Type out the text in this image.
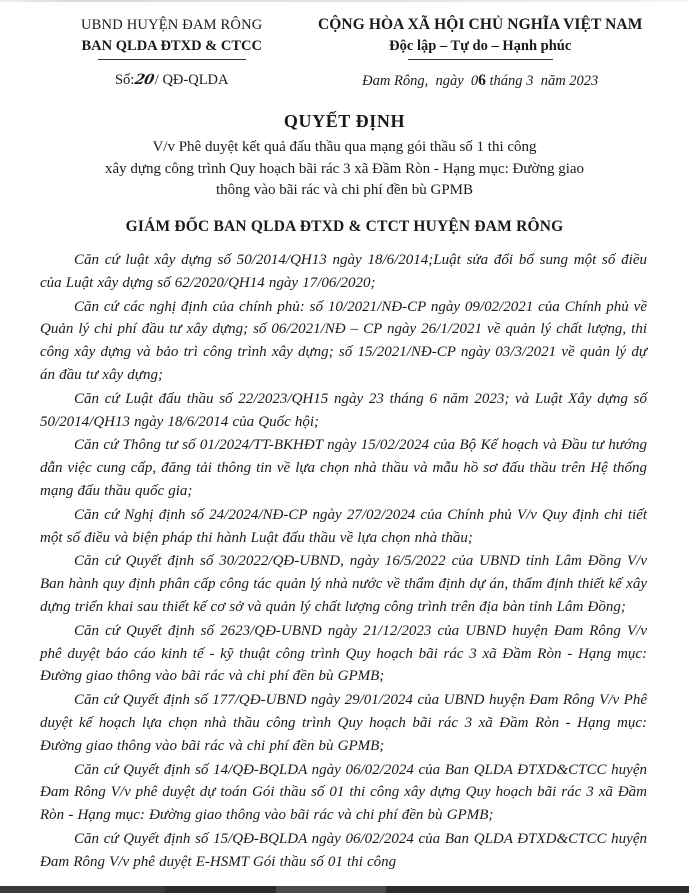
UBND HUYỆN ĐAM RÔNG
BAN QLDA ĐTXD & CTCC
CỘNG HÒA XÃ HỘI CHỦ NGHĨA VIỆT NAM
Độc lập – Tự do – Hạnh phúc
Số:20/ QĐ-QLDA	Đam Rông, ngày 06 tháng 3 năm 2023
QUYẾT ĐỊNH
V/v Phê duyệt kết quả đấu thầu qua mạng gói thầu số 1 thi công
xây dựng công trình Quy hoạch bãi rác 3 xã Đầm Ròn - Hạng mục: Đường giao
thông vào bãi rác và chi phí đền bù GPMB
GIÁM ĐỐC BAN QLDA ĐTXD & CTCT HUYỆN ĐAM RÔNG

Căn cứ luật xây dựng số 50/2014/QH13 ngày 18/6/2014;Luật sửa đổi bổ sung một số điều của Luật xây dựng số 62/2020/QH14 ngày 17/06/2020;

Căn cứ các nghị định của chính phủ: số 10/2021/NĐ-CP ngày 09/02/2021 của Chính phủ về Quản lý chi phí đầu tư xây dựng; số 06/2021/NĐ – CP ngày 26/1/2021 về quản lý chất lượng, thi công xây dựng và bảo trì công trình xây dựng; số 15/2021/NĐ-CP ngày 03/3/2021 về quản lý dự án đầu tư xây dựng;

Căn cứ Luật đấu thầu số 22/2023/QH15 ngày 23 tháng 6 năm 2023; và Luật Xây dựng số 50/2014/QH13 ngày 18/6/2014 của Quốc hội;

Căn cứ Thông tư số 01/2024/TT-BKHĐT ngày 15/02/2024 của Bộ Kế hoạch và Đầu tư hướng dẫn việc cung cấp, đăng tải thông tin về lựa chọn nhà thầu và mẫu hồ sơ đấu thầu trên Hệ thống mạng đấu thầu quốc gia;

Căn cứ Nghị định số 24/2024/NĐ-CP ngày 27/02/2024 của Chính phủ V/v Quy định chi tiết một số điều và biện pháp thi hành Luật đấu thầu về lựa chọn nhà thầu;

Căn cứ Quyết định số 30/2022/QĐ-UBND, ngày 16/5/2022 của UBND tỉnh Lâm Đồng V/v Ban hành quy định phân cấp công tác quản lý nhà nước về thẩm định dự án, thẩm định thiết kế xây dựng triển khai sau thiết kế cơ sở và quản lý chất lượng công trình trên địa bàn tỉnh Lâm Đồng;

Căn cứ Quyết định số 2623/QĐ-UBND ngày 21/12/2023 của UBND huyện Đam Rông V/v phê duyệt báo cáo kinh tế - kỹ thuật công trình Quy hoạch bãi rác 3 xã Đầm Ròn - Hạng mục: Đường giao thông vào bãi rác và chi phí đền bù GPMB;

Căn cứ Quyết định số 177/QĐ-UBND ngày 29/01/2024 của UBND huyện Đam Rông V/v Phê duyệt kế hoạch lựa chọn nhà thầu công trình Quy hoạch bãi rác 3 xã Đầm Ròn - Hạng mục: Đường giao thông vào bãi rác và chi phí đền bù GPMB;

Căn cứ Quyết định số 14/QĐ-BQLDA ngày 06/02/2024 của Ban QLDA ĐTXD&CTCC huyện Đam Rông V/v phê duyệt dự toán Gói thầu số 01 thi công xây dựng Quy hoạch bãi rác 3 xã Đầm Ròn - Hạng mục: Đường giao thông vào bãi rác và chi phí đền bù GPMB;

Căn cứ Quyết định số 15/QĐ-BQLDA ngày 06/02/2024 của Ban QLDA ĐTXD&CTCC huyện Đam Rông V/v phê duyệt E-HSMT Gói thầu số 01 thi công
